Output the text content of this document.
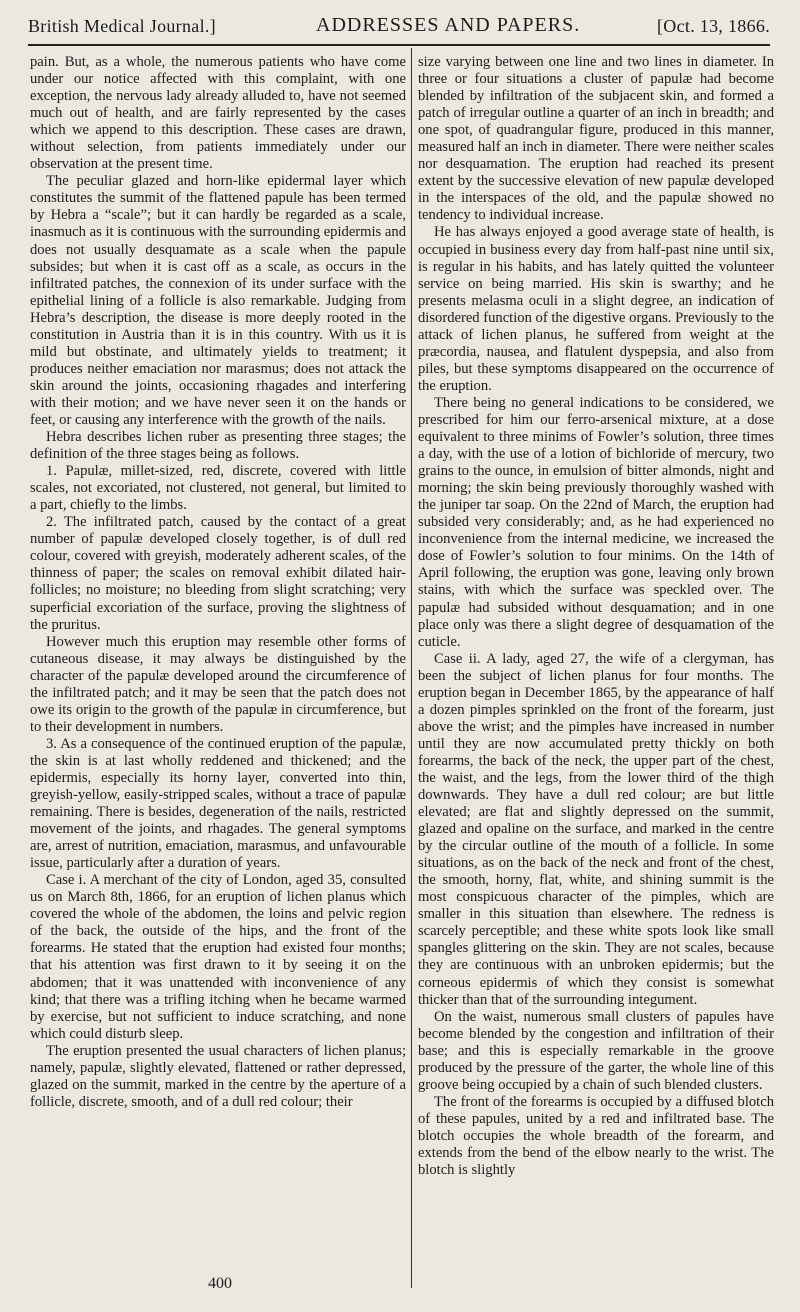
British Medical Journal.]	ADDRESSES AND PAPERS.	[Oct. 13, 1866.

pain. But, as a whole, the numerous patients who have come under our notice affected with this complaint, with one exception, the nervous lady already alluded to, have not seemed much out of health, and are fairly represented by the cases which we append to this description. These cases are drawn, without selection, from patients immediately under our observation at the present time.

The peculiar glazed and horn-like epidermal layer which constitutes the summit of the flattened papule has been termed by Hebra a “scale”; but it can hardly be regarded as a scale, inasmuch as it is continuous with the surrounding epidermis and does not usually desquamate as a scale when the papule subsides; but when it is cast off as a scale, as occurs in the infiltrated patches, the connexion of its under surface with the epithelial lining of a follicle is also remarkable. Judging from Hebra’s description, the disease is more deeply rooted in the constitution in Austria than it is in this country. With us it is mild but obstinate, and ultimately yields to treatment; it produces neither emaciation nor marasmus; does not attack the skin around the joints, occasioning rhagades and interfering with their motion; and we have never seen it on the hands or feet, or causing any interference with the growth of the nails.

Hebra describes lichen ruber as presenting three stages; the definition of the three stages being as follows.

1. Papulæ, millet-sized, red, discrete, covered with little scales, not excoriated, not clustered, not general, but limited to a part, chiefly to the limbs.

2. The infiltrated patch, caused by the contact of a great number of papulæ developed closely together, is of dull red colour, covered with greyish, moderately adherent scales, of the thinness of paper; the scales on removal exhibit dilated hair-follicles; no moisture; no bleeding from slight scratching; very superficial excoriation of the surface, proving the slightness of the pruritus.

However much this eruption may resemble other forms of cutaneous disease, it may always be distinguished by the character of the papulæ developed around the circumference of the infiltrated patch; and it may be seen that the patch does not owe its origin to the growth of the papulæ in circumference, but to their development in numbers.

3. As a consequence of the continued eruption of the papulæ, the skin is at last wholly reddened and thickened; and the epidermis, especially its horny layer, converted into thin, greyish-yellow, easily-stripped scales, without a trace of papulæ remaining. There is besides, degeneration of the nails, restricted movement of the joints, and rhagades. The general symptoms are, arrest of nutrition, emaciation, marasmus, and unfavourable issue, particularly after a duration of years.

Case i. A merchant of the city of London, aged 35, consulted us on March 8th, 1866, for an eruption of lichen planus which covered the whole of the abdomen, the loins and pelvic region of the back, the outside of the hips, and the front of the forearms. He stated that the eruption had existed four months; that his attention was first drawn to it by seeing it on the abdomen; that it was unattended with inconvenience of any kind; that there was a trifling itching when he became warmed by exercise, but not sufficient to induce scratching, and none which could disturb sleep.

The eruption presented the usual characters of lichen planus; namely, papulæ, slightly elevated, flattened or rather depressed, glazed on the summit, marked in the centre by the aperture of a follicle, discrete, smooth, and of a dull red colour; their

size varying between one line and two lines in diameter. In three or four situations a cluster of papulæ had become blended by infiltration of the subjacent skin, and formed a patch of irregular outline a quarter of an inch in breadth; and one spot, of quadrangular figure, produced in this manner, measured half an inch in diameter. There were neither scales nor desquamation. The eruption had reached its present extent by the successive elevation of new papulæ developed in the interspaces of the old, and the papulæ showed no tendency to individual increase.

He has always enjoyed a good average state of health, is occupied in business every day from half-past nine until six, is regular in his habits, and has lately quitted the volunteer service on being married. His skin is swarthy; and he presents melasma oculi in a slight degree, an indication of disordered function of the digestive organs. Previously to the attack of lichen planus, he suffered from weight at the præcordia, nausea, and flatulent dyspepsia, and also from piles, but these symptoms disappeared on the occurrence of the eruption.

There being no general indications to be considered, we prescribed for him our ferro-arsenical mixture, at a dose equivalent to three minims of Fowler’s solution, three times a day, with the use of a lotion of bichloride of mercury, two grains to the ounce, in emulsion of bitter almonds, night and morning; the skin being previously thoroughly washed with the juniper tar soap. On the 22nd of March, the eruption had subsided very considerably; and, as he had experienced no inconvenience from the internal medicine, we increased the dose of Fowler’s solution to four minims. On the 14th of April following, the eruption was gone, leaving only brown stains, with which the surface was speckled over. The papulæ had subsided without desquamation; and in one place only was there a slight degree of desquamation of the cuticle.

Case ii. A lady, aged 27, the wife of a clergyman, has been the subject of lichen planus for four months. The eruption began in December 1865, by the appearance of half a dozen pimples sprinkled on the front of the forearm, just above the wrist; and the pimples have increased in number until they are now accumulated pretty thickly on both forearms, the back of the neck, the upper part of the chest, the waist, and the legs, from the lower third of the thigh downwards. They have a dull red colour; are but little elevated; are flat and slightly depressed on the summit, glazed and opaline on the surface, and marked in the centre by the circular outline of the mouth of a follicle. In some situations, as on the back of the neck and front of the chest, the smooth, horny, flat, white, and shining summit is the most conspicuous character of the pimples, which are smaller in this situation than elsewhere. The redness is scarcely perceptible; and these white spots look like small spangles glittering on the skin. They are not scales, because they are continuous with an unbroken epidermis; but the corneous epidermis of which they consist is somewhat thicker than that of the surrounding integument.

On the waist, numerous small clusters of papules have become blended by the congestion and infiltration of their base; and this is especially remarkable in the groove produced by the pressure of the garter, the whole line of this groove being occupied by a chain of such blended clusters.

The front of the forearms is occupied by a diffused blotch of these papules, united by a red and infiltrated base. The blotch occupies the whole breadth of the forearm, and extends from the bend of the elbow nearly to the wrist. The blotch is slightly

400
